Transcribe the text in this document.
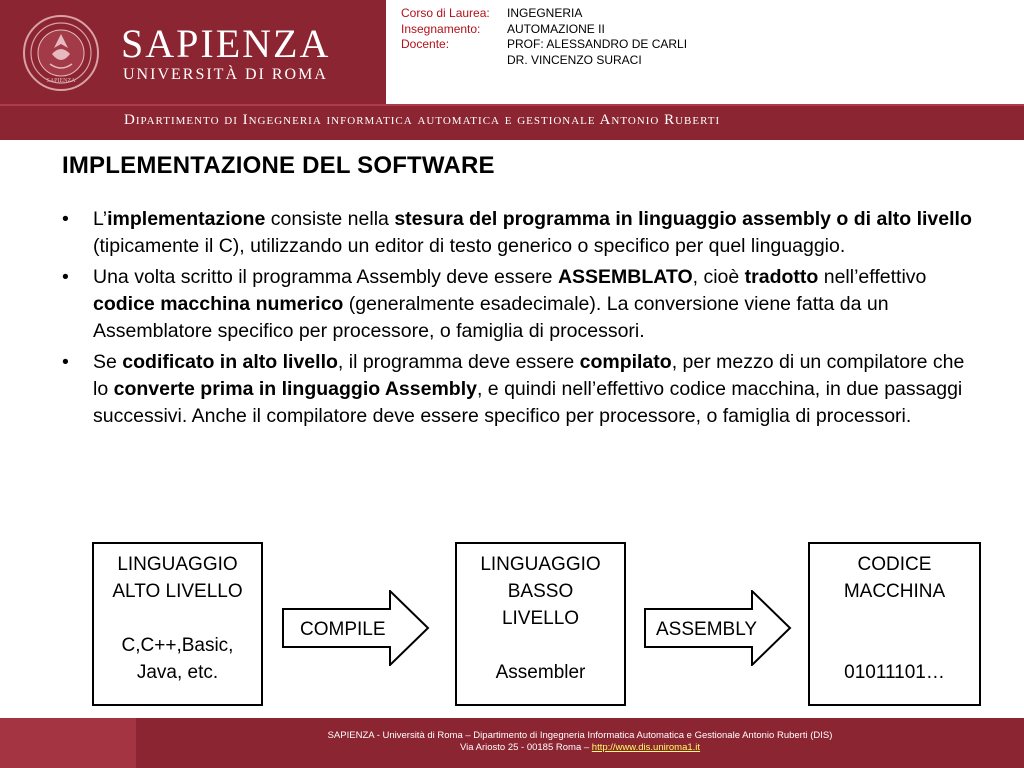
SAPIENZA
SAPIENZA
UNIVERSITÀ DI ROMA
Corso di Laurea:	INGEGNERIA
Insegnamento:	AUTOMAZIONE II
Docente:	PROF: ALESSANDRO DE CARLI
DR. VINCENZO SURACI
Dipartimento di Ingegneria informatica automatica e gestionale Antonio Ruberti
IMPLEMENTAZIONE DEL SOFTWARE
• L’implementazione consiste nella stesura del programma in linguaggio assembly o di alto livello (tipicamente il C), utilizzando un editor di testo generico o specifico per quel linguaggio.
• Una volta scritto il programma Assembly deve essere ASSEMBLATO, cioè tradotto nell’effettivo codice macchina numerico (generalmente esadecimale). La conversione viene fatta da un Assemblatore specifico per processore, o famiglia di processori.
• Se codificato in alto livello, il programma deve essere compilato, per mezzo di un compilatore che lo converte prima in linguaggio Assembly, e quindi nell’effettivo codice macchina, in due passaggi successivi. Anche il compilatore deve essere specifico per processore, o famiglia di processori.
LINGUAGGIO
ALTO LIVELLO
C,C++,Basic,
Java, etc.
COMPILE
LINGUAGGIO
BASSO
LIVELLO
Assembler
ASSEMBLY
CODICE
MACCHINA
01011101…
SAPIENZA - Università di Roma – Dipartimento di Ingegneria Informatica Automatica e Gestionale Antonio Ruberti (DIS)
Via Ariosto 25 - 00185 Roma – http://www.dis.uniroma1.it
